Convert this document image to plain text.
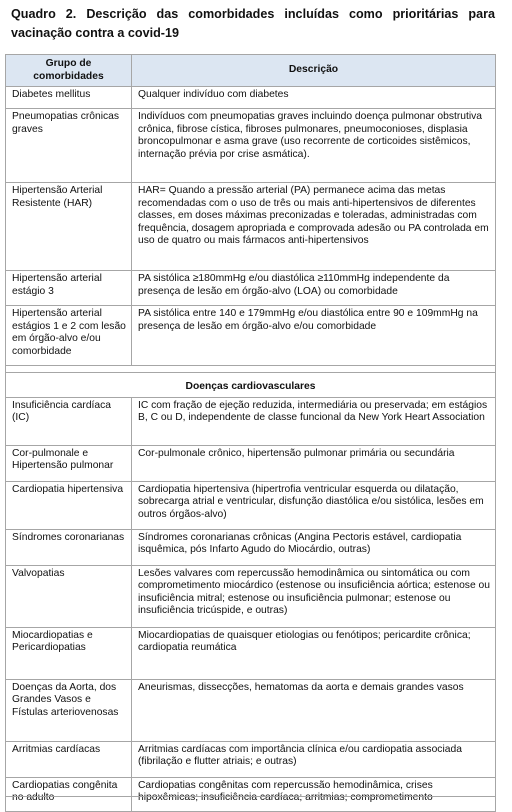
Quadro 2. Descrição das comorbidades incluídas como prioritárias para vacinação contra a covid-19
Grupo de comorbidades	Descrição
Diabetes mellitus	Qualquer indivíduo com diabetes
Pneumopatias crônicas graves	Indivíduos com pneumopatias graves incluindo doença pulmonar obstrutiva crônica, fibrose cística, fibroses pulmonares, pneumoconioses, displasia broncopulmonar e asma grave (uso recorrente de corticoides sistêmicos, internação prévia por crise asmática).
Hipertensão Arterial Resistente (HAR)	HAR= Quando a pressão arterial (PA) permanece acima das metas recomendadas com o uso de três ou mais anti-hipertensivos de diferentes classes, em doses máximas preconizadas e toleradas, administradas com frequência, dosagem apropriada e comprovada adesão ou PA controlada em uso de quatro ou mais fármacos anti-hipertensivos
Hipertensão arterial estágio 3	PA sistólica ≥180mmHg e/ou diastólica ≥110mmHg independente da presença de lesão em órgão-alvo (LOA) ou comorbidade
Hipertensão arterial estágios 1 e 2 com lesão em órgão-alvo e/ou comorbidade	PA sistólica entre 140 e 179mmHg e/ou diastólica entre 90 e 109mmHg na presença de lesão em órgão-alvo e/ou comorbidade

Doenças cardiovasculares	
Insuficiência cardíaca (IC)	IC com fração de ejeção reduzida, intermediária ou preservada; em estágios B, C ou D, independente de classe funcional da New York Heart Association
Cor-pulmonale e Hipertensão pulmonar	Cor-pulmonale crônico, hipertensão pulmonar primária ou secundária
Cardiopatia hipertensiva	Cardiopatia hipertensiva (hipertrofia ventricular esquerda ou dilatação, sobrecarga atrial e ventricular, disfunção diastólica e/ou sistólica, lesões em outros órgãos-alvo)
Síndromes coronarianas	Síndromes coronarianas crônicas (Angina Pectoris estável, cardiopatia isquêmica, pós Infarto Agudo do Miocárdio, outras)
Valvopatias	Lesões valvares com repercussão hemodinâmica ou sintomática ou com comprometimento miocárdico (estenose ou insuficiência aórtica; estenose ou insuficiência mitral; estenose ou insuficiência pulmonar; estenose ou insuficiência tricúspide, e outras)
Miocardiopatias e Pericardiopatias	Miocardiopatias de quaisquer etiologias ou fenótipos; pericardite crônica; cardiopatia reumática
Doenças da Aorta, dos Grandes Vasos e Fístulas arteriovenosas	Aneurismas, dissecções, hematomas da aorta e demais grandes vasos
Arritmias cardíacas	Arritmias cardíacas com importância clínica e/ou cardiopatia associada (fibrilação e flutter atriais; e outras)
Cardiopatias congênita no adulto	Cardiopatias congênitas com repercussão hemodinâmica, crises hipoxêmicas; insuficiência cardíaca; arritmias; comprometimento
